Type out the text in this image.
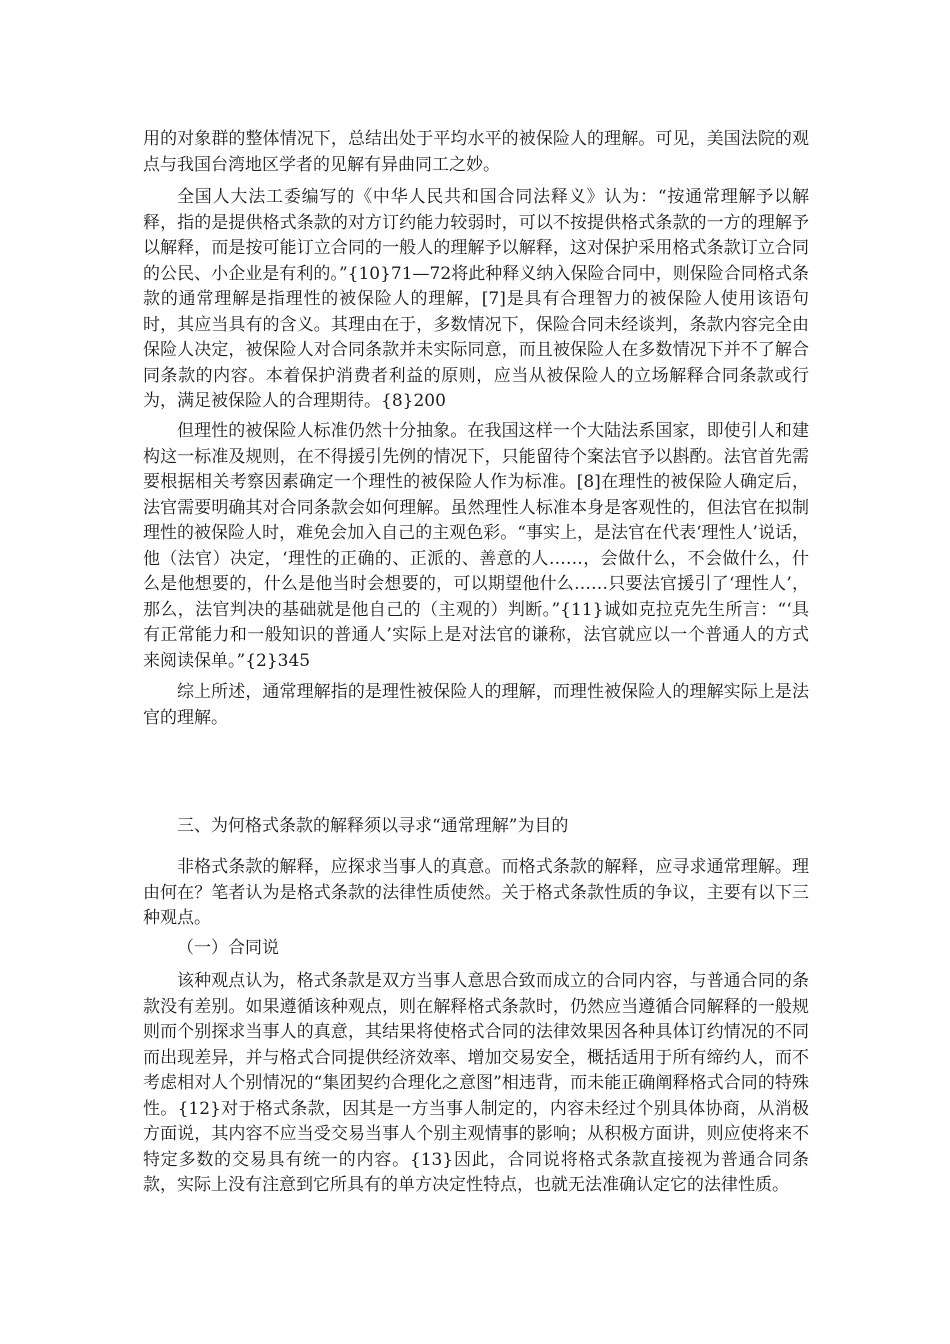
用的对象群的整体情况下，总结出处于平均水平的被保险人的理解。可见，美国法院的观点与我国台湾地区学者的见解有异曲同工之妙。

全国人大法工委编写的《中华人民共和国合同法释义》认为：“按通常理解予以解释，指的是提供格式条款的对方订约能力较弱时，可以不按提供格式条款的一方的理解予以解释，而是按可能订立合同的一般人的理解予以解释，这对保护采用格式条款订立合同的公民、小企业是有利的。”{10}71—72将此种释义纳入保险合同中，则保险合同格式条款的通常理解是指理性的被保险人的理解，[7]是具有合理智力的被保险人使用该语句时，其应当具有的含义。其理由在于，多数情况下，保险合同未经谈判，条款内容完全由保险人决定，被保险人对合同条款并未实际同意，而且被保险人在多数情况下并不了解合同条款的内容。本着保护消费者利益的原则，应当从被保险人的立场解释合同条款或行为，满足被保险人的合理期待。{8}200

但理性的被保险人标准仍然十分抽象。在我国这样一个大陆法系国家，即使引人和建构这一标准及规则，在不得援引先例的情况下，只能留待个案法官予以斟酌。法官首先需要根据相关考察因素确定一个理性的被保险人作为标准。[8]在理性的被保险人确定后，法官需要明确其对合同条款会如何理解。虽然理性人标准本身是客观性的，但法官在拟制理性的被保险人时，难免会加入自己的主观色彩。“事实上，是法官在代表‘理性人’说话，他（法官）决定，‘理性的正确的、正派的、善意的人……，会做什么，不会做什么，什么是他想要的，什么是他当时会想要的，可以期望他什么……只要法官援引了‘理性人’，那么，法官判决的基础就是他自己的（主观的）判断。”{11}诚如克拉克先生所言：“‘具有正常能力和一般知识的普通人’实际上是对法官的谦称，法官就应以一个普通人的方式来阅读保单。”{2}345

综上所述，通常理解指的是理性被保险人的理解，而理性被保险人的理解实际上是法官的理解。

三、为何格式条款的解释须以寻求“通常理解”为目的

非格式条款的解释，应探求当事人的真意。而格式条款的解释，应寻求通常理解。理由何在？笔者认为是格式条款的法律性质使然。关于格式条款性质的争议，主要有以下三种观点。

（一）合同说

该种观点认为，格式条款是双方当事人意思合致而成立的合同内容，与普通合同的条款没有差别。如果遵循该种观点，则在解释格式条款时，仍然应当遵循合同解释的一般规则而个别探求当事人的真意，其结果将使格式合同的法律效果因各种具体订约情况的不同而出现差异，并与格式合同提供经济效率、增加交易安全，概括适用于所有缔约人，而不考虑相对人个别情况的“集团契约合理化之意图”相违背，而未能正确阐释格式合同的特殊性。{12}对于格式条款，因其是一方当事人制定的，内容未经过个别具体协商，从消极方面说，其内容不应当受交易当事人个别主观情事的影响；从积极方面讲，则应使将来不特定多数的交易具有统一的内容。{13}因此，合同说将格式条款直接视为普通合同条款，实际上没有注意到它所具有的单方决定性特点，也就无法准确认定它的法律性质。
